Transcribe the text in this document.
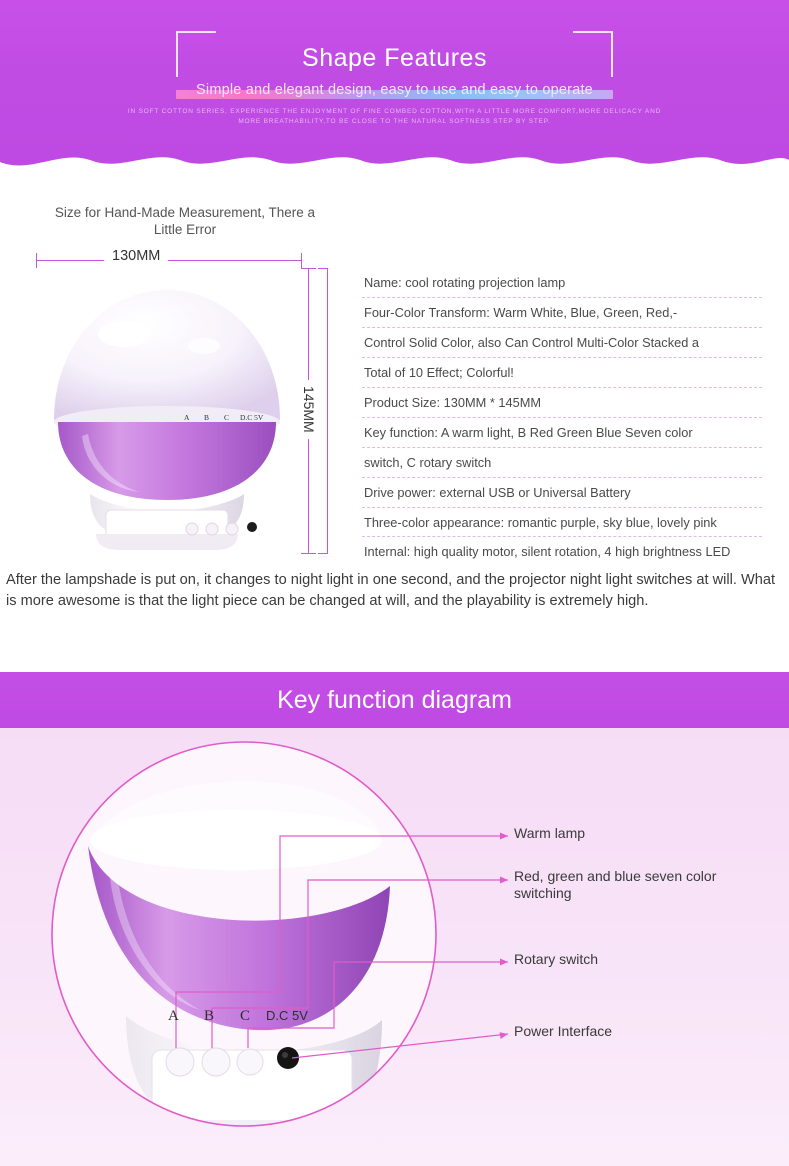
Shape Features
Simple and elegant design, easy to use and easy to operate
IN SOFT COTTON SERIES, EXPERIENCE THE ENJOYMENT OF FINE COMBED COTTON,WITH A LITTLE MORE COMFORT,MORE DELICACY AND MORE BREATHABILITY,TO BE CLOSE TO THE NATURAL SOFTNESS STEP BY STEP.
Size for Hand-Made Measurement, There a Little Error
130MM
145MM
A B C D.C 5V
Name: cool rotating projection lamp
Four-Color Transform: Warm White, Blue, Green, Red,-
Control Solid Color, also Can Control Multi-Color Stacked a
Total of 10 Effect; Colorful!
Product Size: 130MM * 145MM
Key function: A warm light, B Red Green Blue Seven color
switch, C rotary switch
Drive power: external USB or Universal Battery
Three-color appearance: romantic purple, sky blue, lovely pink
Internal: high quality motor, silent rotation, 4 high brightness LED
After the lampshade is put on, it changes to night light in one second, and the projector night light switches at will. What is more awesome is that the light piece can be changed at will, and the playability is extremely high.
Key function diagram
Warm lamp
Red, green and blue seven color switching
Rotary switch
Power Interface
A B C D.C 5V
